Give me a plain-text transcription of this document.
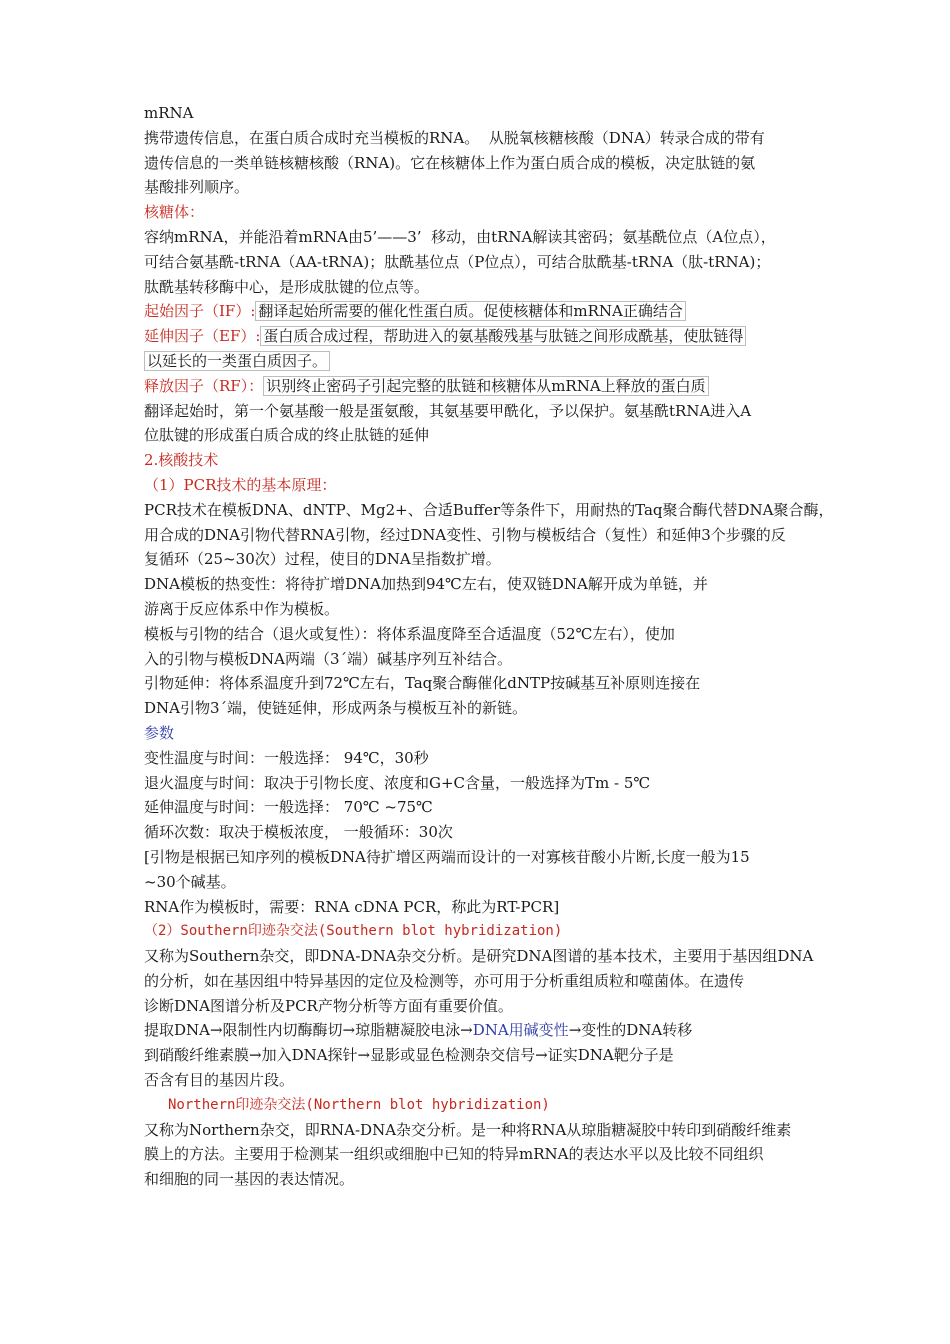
mRNA
携带遗传信息，在蛋白质合成时充当模板的RNA。  从脱氧核糖核酸（DNA）转录合成的带有
遗传信息的一类单链核糖核酸（RNA)。它在核糖体上作为蛋白质合成的模板，决定肽链的氨
基酸排列顺序。
核糖体：
容纳mRNA，并能沿着mRNA由5’——3’  移动，由tRNA解读其密码；氨基酰位点（A位点），
可结合氨基酰-tRNA（AA-tRNA)；肽酰基位点（P位点），可结合肽酰基-tRNA（肽-tRNA)；
肽酰基转移酶中心，是形成肽键的位点等。
起始因子（IF）: 翻译起始所需要的催化性蛋白质。促使核糖体和mRNA正确结合
延伸因子（EF）: 蛋白质合成过程，帮助进入的氨基酸残基与肽链之间形成酰基，使肽链得
以延长的一类蛋白质因子。
释放因子（RF）： 识别终止密码子引起完整的肽链和核糖体从mRNA上释放的蛋白质
翻译起始时，第一个氨基酸一般是蛋氨酸，其氨基要甲酰化，予以保护。氨基酰tRNA进入A
位肽键的形成蛋白质合成的终止肽链的延伸
2.核酸技术
（1）PCR技术的基本原理：
PCR技术在模板DNA、dNTP、Mg2+、合适Buffer等条件下，用耐热的Taq聚合酶代替DNA聚合酶，
用合成的DNA引物代替RNA引物，经过DNA变性、引物与模板结合（复性）和延伸3个步骤的反
复循环（25~30次）过程，使目的DNA呈指数扩增。
DNA模板的热变性：将待扩增DNA加热到94℃左右，使双链DNA解开成为单链，并
游离于反应体系中作为模板。
模板与引物的结合（退火或复性）：将体系温度降至合适温度（52℃左右），使加
入的引物与模板DNA两端（3ˊ端）碱基序列互补结合。
引物延伸：将体系温度升到72℃左右，Taq聚合酶催化dNTP按碱基互补原则连接在
DNA引物3ˊ端，使链延伸，形成两条与模板互补的新链。
参数
变性温度与时间：一般选择： 94℃，30秒
退火温度与时间：取决于引物长度、浓度和G+C含量，一般选择为Tm - 5℃
延伸温度与时间：一般选择： 70℃ ~75℃
循环次数：取决于模板浓度， 一般循环：30次
[引物是根据已知序列的模板DNA待扩增区两端而设计的一对寡核苷酸小片断,长度一般为15
~30个碱基。
RNA作为模板时，需要：RNA cDNA PCR，称此为RT-PCR]
（2）Southern印迹杂交法(Southern blot hybridization)
又称为Southern杂交，即DNA-DNA杂交分析。是研究DNA图谱的基本技术，主要用于基因组DNA
的分析，如在基因组中特异基因的定位及检测等，亦可用于分析重组质粒和噬菌体。在遗传
诊断DNA图谱分析及PCR产物分析等方面有重要价值。
提取DNA→限制性内切酶酶切→琼脂糖凝胶电泳→DNA用碱变性→变性的DNA转移
到硝酸纤维素膜→加入DNA探针→显影或显色检测杂交信号→证实DNA靶分子是
否含有目的基因片段。
Northern印迹杂交法(Northern blot hybridization)
又称为Northern杂交，即RNA-DNA杂交分析。是一种将RNA从琼脂糖凝胶中转印到硝酸纤维素
膜上的方法。主要用于检测某一组织或细胞中已知的特异mRNA的表达水平以及比较不同组织
和细胞的同一基因的表达情况。
